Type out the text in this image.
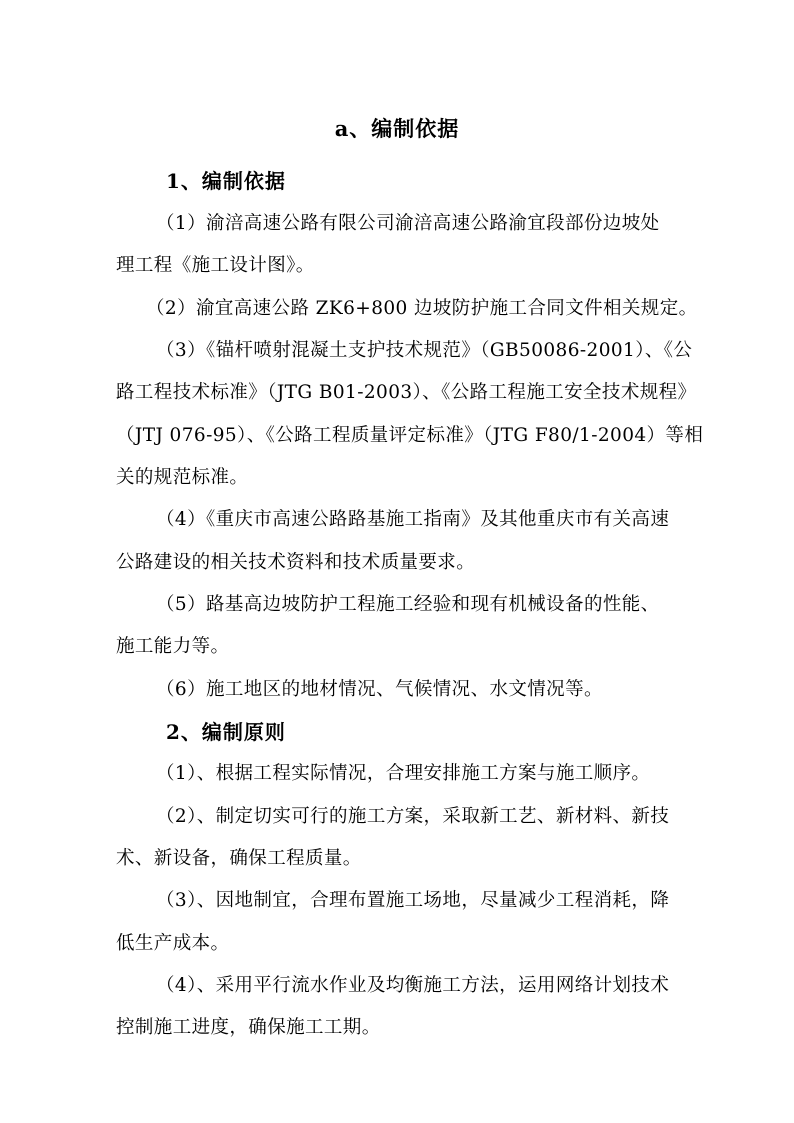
a、编制依据
1、编制依据
（1）渝涪高速公路有限公司渝涪高速公路渝宜段部份边坡处
理工程《施工设计图》。
（2）渝宜高速公路 ZK6+800 边坡防护施工合同文件相关规定。
（3）《锚杆喷射混凝土支护技术规范》（GB50086-2001）、《公
路工程技术标准》（JTG B01-2003）、《公路工程施工安全技术规程》
（JTJ 076-95）、《公路工程质量评定标准》（JTG F80/1-2004）等相
关的规范标准。
（4）《重庆市高速公路路基施工指南》及其他重庆市有关高速
公路建设的相关技术资料和技术质量要求。
（5）路基高边坡防护工程施工经验和现有机械设备的性能、
施工能力等。
（6）施工地区的地材情况、气候情况、水文情况等。
2、编制原则
（1）、根据工程实际情况，合理安排施工方案与施工顺序。
（2）、制定切实可行的施工方案，采取新工艺、新材料、新技
术、新设备，确保工程质量。
（3）、因地制宜，合理布置施工场地，尽量减少工程消耗，降
低生产成本。
（4）、采用平行流水作业及均衡施工方法，运用网络计划技术
控制施工进度，确保施工工期。
